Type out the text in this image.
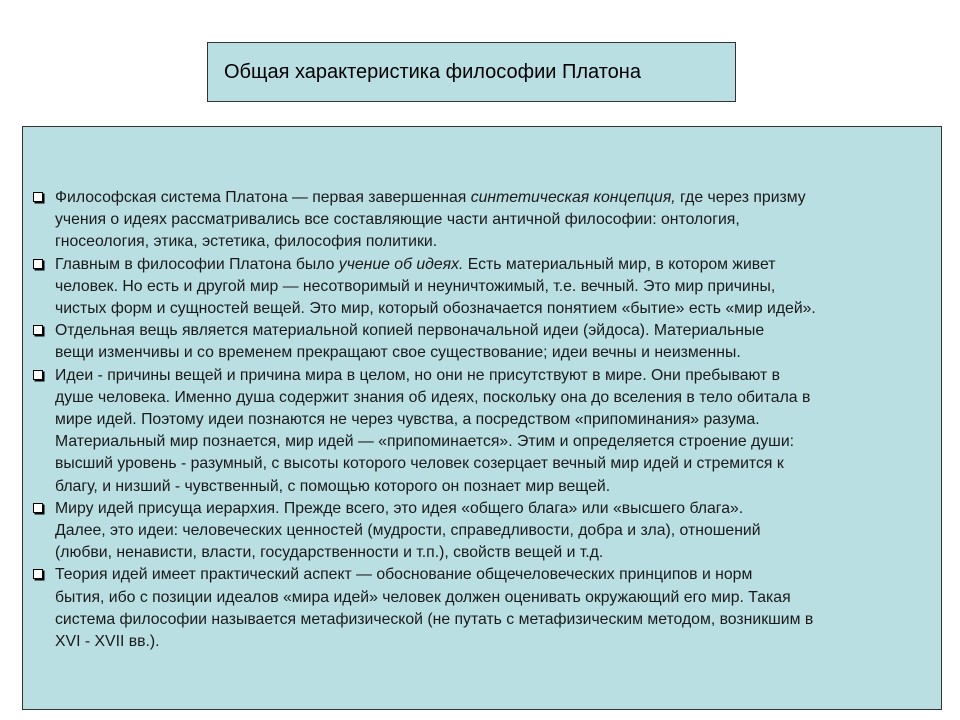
Общая характеристика философии Платона
Философская система Платона — первая завершенная синтетическая концепция, где через призму
учения о идеях рассматривались все составляющие части античной философии: онтология,
гносеология, этика, эстетика, философия политики.
Главным в философии Платона было учение об идеях. Есть материальный мир, в котором живет
человек. Но есть и другой мир — несотворимый и неуничтожимый, т.е. вечный. Это мир причины,
чистых форм и сущностей вещей. Это мир, который обозначается понятием «бытие» есть «мир идей».
Отдельная вещь является материальной копией первоначальной идеи (эйдоса). Материальные
вещи изменчивы и со временем прекращают свое существование; идеи вечны и неизменны.
Идеи - причины вещей и причина мира в целом, но они не присутствуют в мире. Они пребывают в
душе человека. Именно душа содержит знания об идеях, поскольку она до вселения в тело обитала в
мире идей. Поэтому идеи познаются не через чувства, а посредством «припоминания» разума.
Материальный мир познается, мир идей — «припоминается». Этим и определяется строение души:
высший уровень - разумный, с высоты которого человек созерцает вечный мир идей и стремится к
благу, и низший - чувственный, с помощью которого он познает мир вещей.
Миру идей присуща иерархия. Прежде всего, это идея «общего блага» или «высшего блага».
Далее, это идеи: человеческих ценностей (мудрости, справедливости, добра и зла), отношений
(любви, ненависти, власти, государственности и т.п.), свойств вещей и т.д.
Теория идей имеет практический аспект — обоснование общечеловеческих принципов и норм
бытия, ибо с позиции идеалов «мира идей» человек должен оценивать окружающий его мир. Такая
система философии называется метафизической (не путать с метафизическим методом, возникшим в
XVI - XVII вв.).
